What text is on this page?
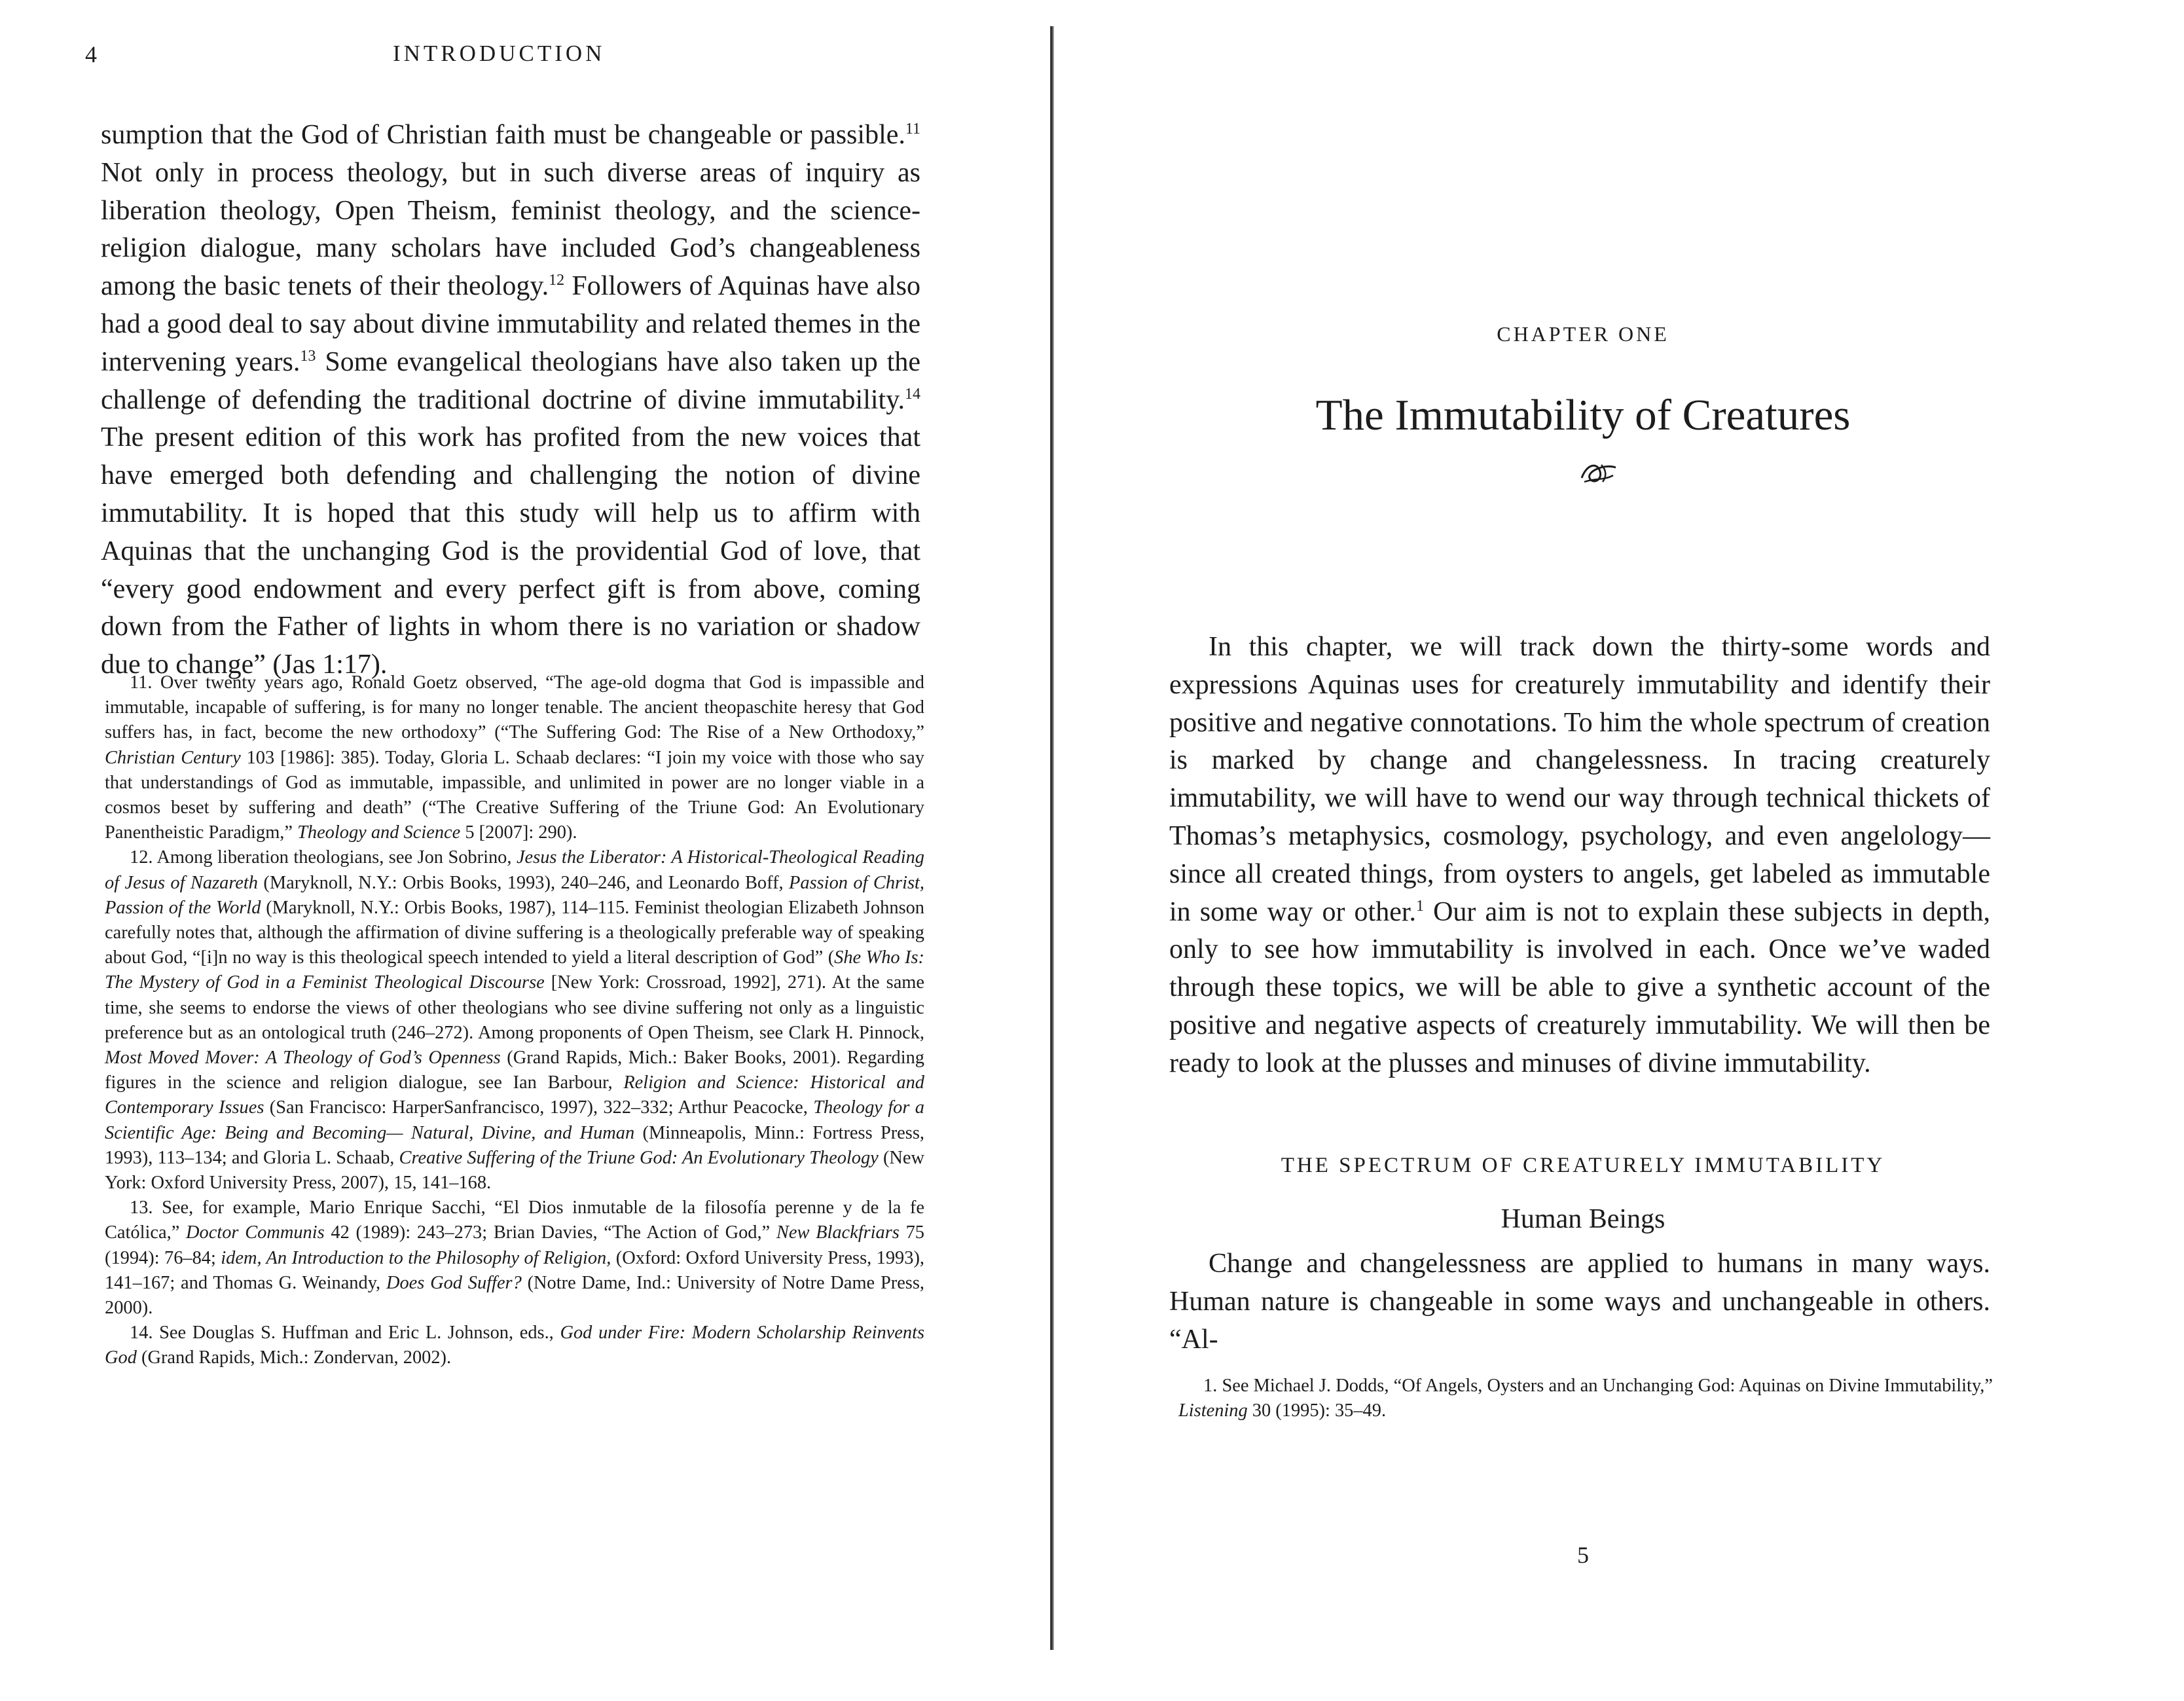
4	INTRODUCTION

sumption that the God of Christian faith must be changeable or passible.$^{11}$ Not only in process theology, but in such diverse areas of inquiry as liberation theology, Open Theism, feminist theology, and the science-religion dialogue, many scholars have included God’s changeableness among the basic tenets of their theology.$^{12}$ Followers of Aquinas have also had a good deal to say about divine immutability and related themes in the intervening years.$^{13}$ Some evangelical theologians have also taken up the challenge of defending the traditional doctrine of divine immutability.$^{14}$ The present edition of this work has profited from the new voices that have emerged both defending and challenging the notion of divine immutability. It is hoped that this study will help us to affirm with Aquinas that the unchanging God is the providential God of love, that “every good endowment and every perfect gift is from above, coming down from the Father of lights in whom there is no variation or shadow due to change” (Jas 1:17).

11. Over twenty years ago, Ronald Goetz observed, “The age-old dogma that God is impassible and immutable, incapable of suffering, is for many no longer tenable. The ancient theopaschite heresy that God suffers has, in fact, become the new orthodoxy” (“The Suffering God: The Rise of a New Orthodoxy,” Christian Century 103 [1986]: 385). Today, Gloria L. Schaab declares: “I join my voice with those who say that understandings of God as immutable, impassible, and unlimited in power are no longer viable in a cosmos beset by suffering and death” (“The Creative Suffering of the Triune God: An Evolutionary Panentheistic Paradigm,” Theology and Science 5 [2007]: 290).

12. Among liberation theologians, see Jon Sobrino, Jesus the Liberator: A Historical-Theological Reading of Jesus of Nazareth (Maryknoll, N.Y.: Orbis Books, 1993), 240–246, and Leonardo Boff, Passion of Christ, Passion of the World (Maryknoll, N.Y.: Orbis Books, 1987), 114–115. Feminist theologian Elizabeth Johnson carefully notes that, although the affirmation of divine suffering is a theologically preferable way of speaking about God, “[i]n no way is this theological speech intended to yield a literal description of God” (She Who Is: The Mystery of God in a Feminist Theological Discourse [New York: Crossroad, 1992], 271). At the same time, she seems to endorse the views of other theologians who see divine suffering not only as a linguistic preference but as an ontological truth (246–272). Among proponents of Open Theism, see Clark H. Pinnock, Most Moved Mover: A Theology of God’s Openness (Grand Rapids, Mich.: Baker Books, 2001). Regarding figures in the science and religion dialogue, see Ian Barbour, Religion and Science: Historical and Contemporary Issues (San Francisco: HarperSanfrancisco, 1997), 322–332; Arthur Peacocke, Theology for a Scientific Age: Being and Becoming— Natural, Divine, and Human (Minneapolis, Minn.: Fortress Press, 1993), 113–134; and Gloria L. Schaab, Creative Suffering of the Triune God: An Evolutionary Theology (New York: Oxford University Press, 2007), 15, 141–168.

13. See, for example, Mario Enrique Sacchi, “El Dios inmutable de la filosofía perenne y de la fe Católica,” Doctor Communis 42 (1989): 243–273; Brian Davies, “The Action of God,” New Blackfriars 75 (1994): 76–84; idem, An Introduction to the Philosophy of Religion, (Oxford: Oxford University Press, 1993), 141–167; and Thomas G. Weinandy, Does God Suffer? (Notre Dame, Ind.: University of Notre Dame Press, 2000).

14. See Douglas S. Huffman and Eric L. Johnson, eds., God under Fire: Modern Scholarship Reinvents God (Grand Rapids, Mich.: Zondervan, 2002).

CHAPTER ONE
The Immutability of Creatures

In this chapter, we will track down the thirty-some words and expressions Aquinas uses for creaturely immutability and identify their positive and negative connotations. To him the whole spectrum of creation is marked by change and changelessness. In tracing creaturely immutability, we will have to wend our way through technical thickets of Thomas’s metaphysics, cosmology, psychology, and even angelology—since all created things, from oysters to angels, get labeled as immutable in some way or other.$^1$ Our aim is not to explain these subjects in depth, only to see how immutability is involved in each. Once we’ve waded through these topics, we will be able to give a synthetic account of the positive and negative aspects of creaturely immutability. We will then be ready to look at the plusses and minuses of divine immutability.

THE SPECTRUM OF CREATURELY IMMUTABILITY
Human Beings

Change and changelessness are applied to humans in many ways. Human nature is changeable in some ways and unchangeable in others. “Al-

1. See Michael J. Dodds, “Of Angels, Oysters and an Unchanging God: Aquinas on Divine Immutability,” Listening 30 (1995): 35–49.

5
